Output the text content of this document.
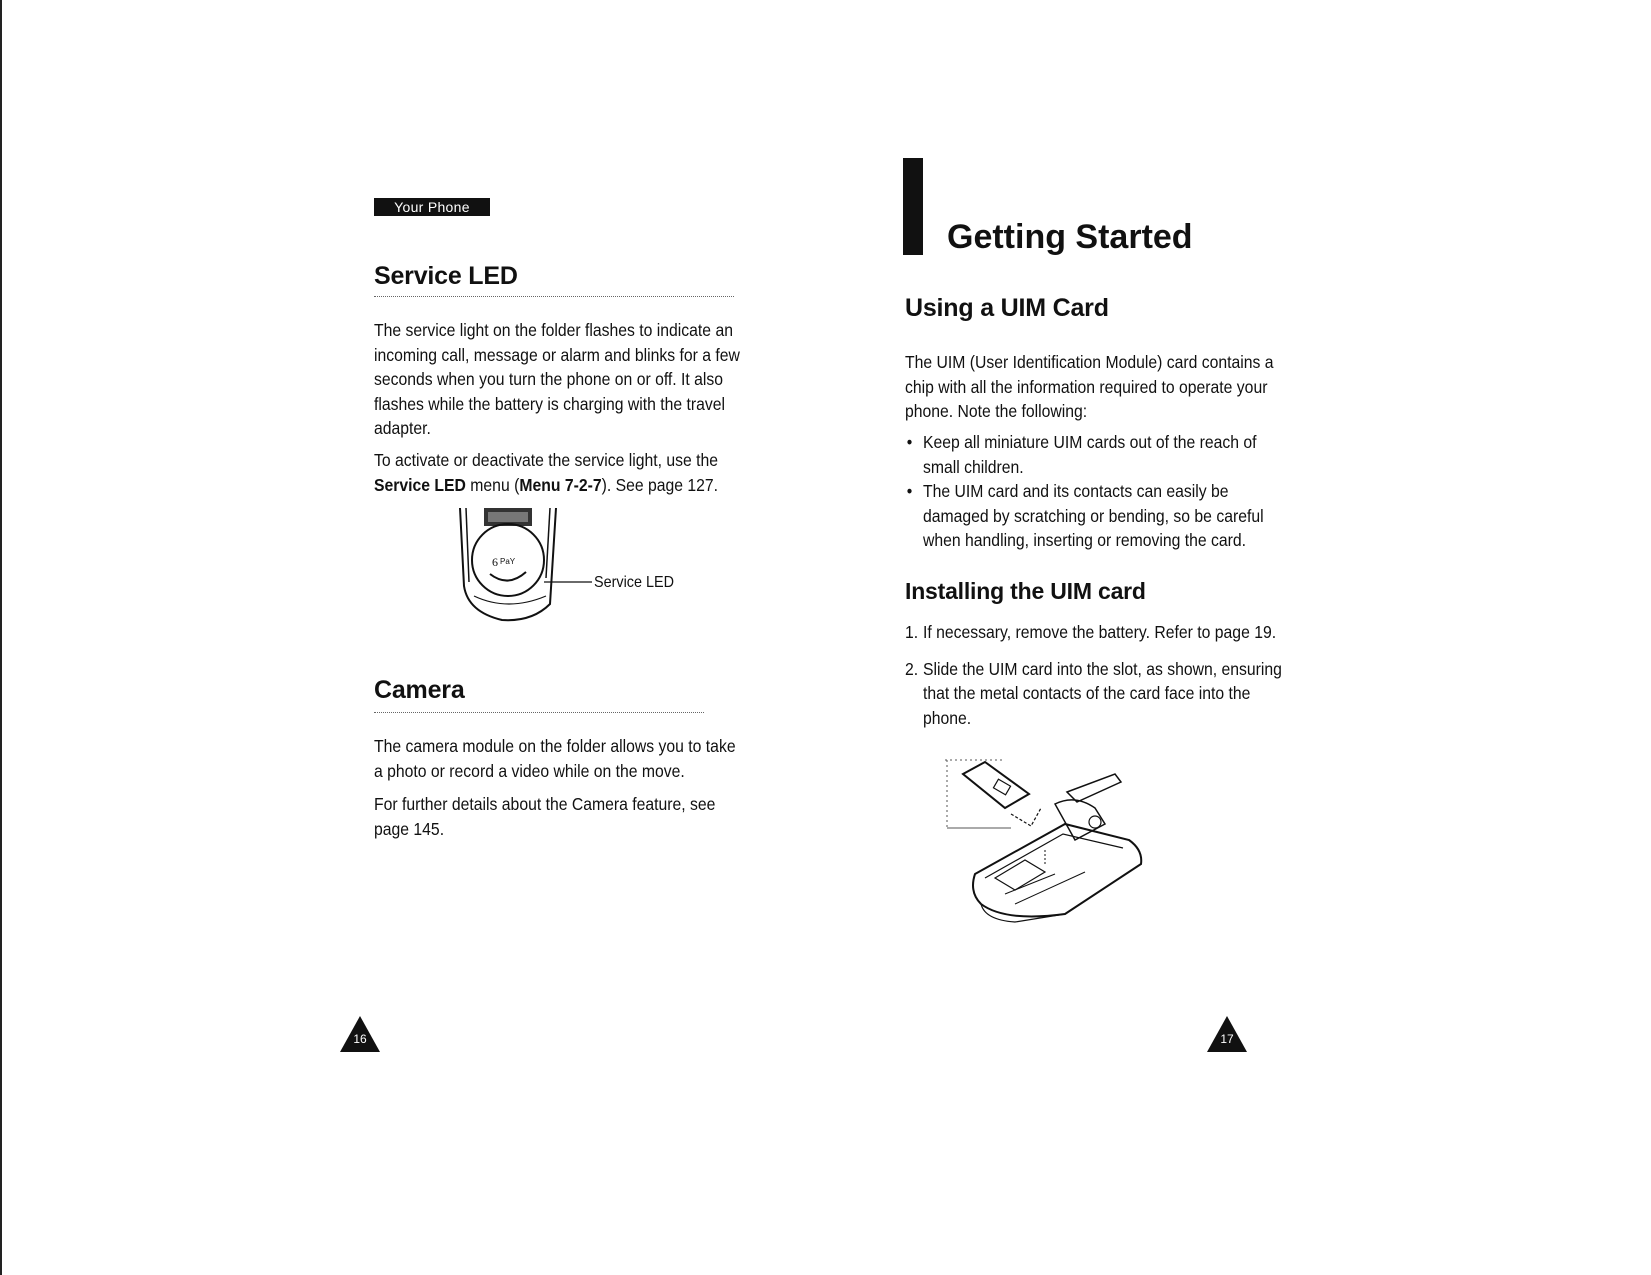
Your Phone
Service LED

The service light on the folder flashes to indicate an incoming call, message or alarm and blinks for a few seconds when you turn the phone on or off. It also flashes while the battery is charging with the travel adapter.

To activate or deactivate the service light, use the Service LED menu (Menu 7-2-7). See page 127.

6 PaY
Service LED
Camera

The camera module on the folder allows you to take a photo or record a video while on the move.

For further details about the Camera feature, see page 145.

16
Getting Started
Using a UIM Card

The UIM (User Identification Module) card contains a chip with all the information required to operate your phone. Note the following:

• Keep all miniature UIM cards out of the reach of small children.
• The UIM card and its contacts can easily be damaged by scratching or bending, so be careful when handling, inserting or removing the card.
Installing the UIM card
1. If necessary, remove the battery. Refer to page 19.
2. Slide the UIM card into the slot, as shown, ensuring that the metal contacts of the card face into the phone.
17
